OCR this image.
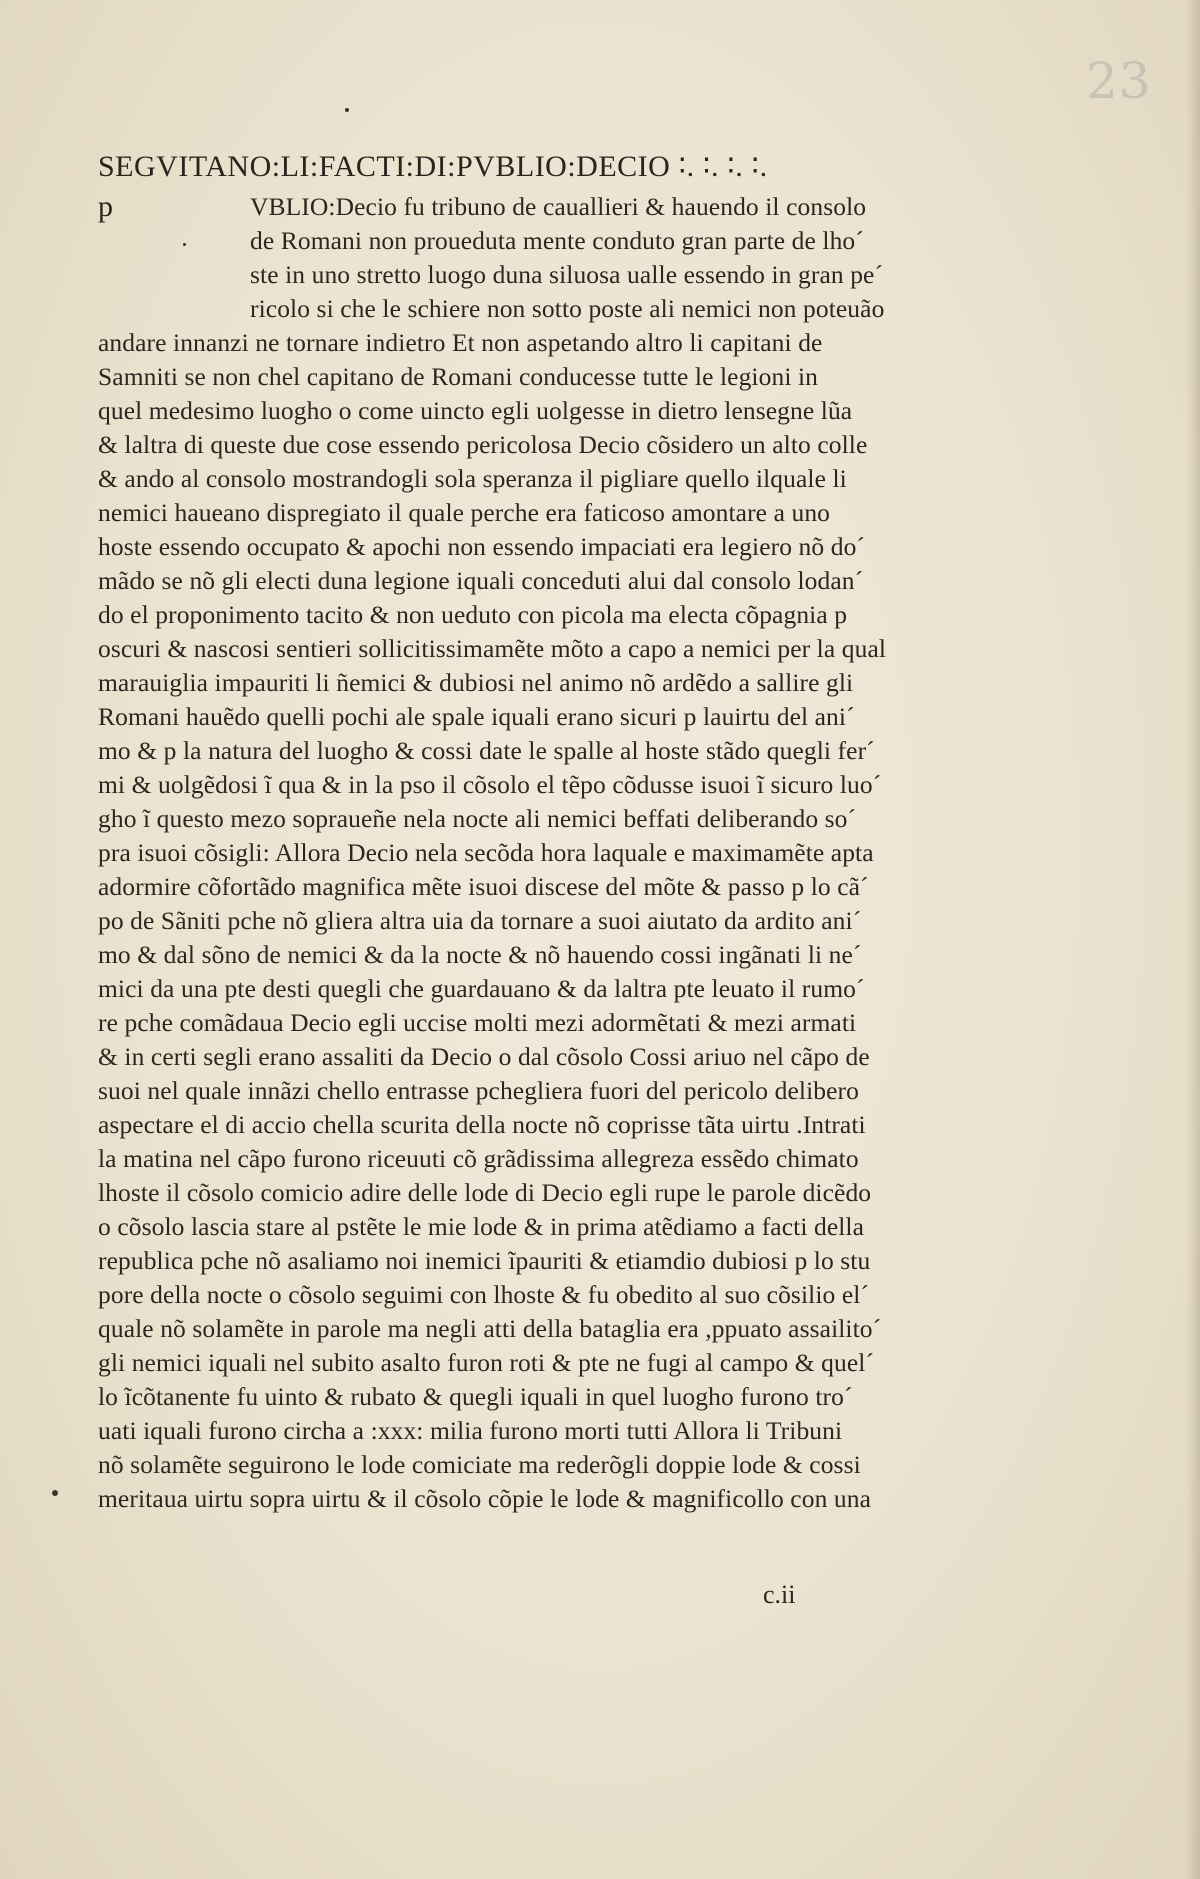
23
SEGVITANO:LI:FACTI:DI:PVBLIO:DECIO ∶. ∶. ∶. ∶.
p	VBLIO:Decio fu tribuno de cauallieri & hauendo il consolo
de Romani non proueduta mente conduto gran parte de lhoˊ
ste in uno stretto luogo duna siluosa ualle essendo in gran peˊ
ricolo si che le schiere non sotto poste ali nemici non poteuão
andare innanzi ne tornare indietro Et non aspetando altro li capitani de
Samniti se non chel capitano de Romani conducesse tutte le legioni in
quel medesimo luogho o come uincto egli uolgesse in dietro lensegne lũa
& laltra di queste due cose essendo pericolosa Decio cõsidero un alto colle
& ando al consolo mostrandogli sola speranza il pigliare quello ilquale li
nemici haueano dispregiato il quale perche era faticoso amontare a uno
hoste essendo occupato & apochi non essendo impaciati era legiero nõ doˊ
mãdo se nõ gli electi duna legione iquali conceduti alui dal consolo lodanˊ
do el proponimento tacito & non ueduto con picola ma electa cõpagnia p
oscuri & nascosi sentieri sollicitissimamẽte mõto a capo a nemici per la qual
marauiglia impauriti li ñemici & dubiosi nel animo nõ ardẽdo a sallire gli
Romani hauẽdo quelli pochi ale spale iquali erano sicuri p lauirtu del aniˊ
mo & p la natura del luogho & cossi date le spalle al hoste stãdo quegli ferˊ
mi & uolgẽdosi ĩ qua & in la pso il cõsolo el tẽpo cõdusse isuoi ĩ sicuro luoˊ
gho ĩ questo mezo sopraueñe nela nocte ali nemici beffati deliberando soˊ
pra isuoi cõsigli: Allora Decio nela secõda hora laquale e maximamẽte apta
adormire cõfortãdo magnifica mẽte isuoi discese del mõte & passo p lo cãˊ
po de Sãniti pche nõ gliera altra uia da tornare a suoi aiutato da ardito aniˊ
mo & dal sõno de nemici & da la nocte & nõ hauendo cossi ingãnati li neˊ
mici da una pte desti quegli che guardauano & da laltra pte leuato il rumoˊ
re pche comãdaua Decio egli uccise molti mezi adormẽtati & mezi armati
& in certi segli erano assaliti da Decio o dal cõsolo Cossi ariuo nel cãpo de
suoi nel quale innãzi chello entrasse pchegliera fuori del pericolo delibero
aspectare el di accio chella scurita della nocte nõ coprisse tãta uirtu .Intrati
la matina nel cãpo furono riceuuti cõ grãdissima allegreza essẽdo chimato
lhoste il cõsolo comicio adire delle lode di Decio egli rupe le parole dicẽdo
o cõsolo lascia stare al pstẽte le mie lode & in prima atẽdiamo a facti della
republica pche nõ asaliamo noi inemici ĩpauriti & etiamdio dubiosi p lo stu
pore della nocte o cõsolo seguimi con lhoste & fu obedito al suo cõsilio elˊ
quale nõ solamẽte in parole ma negli atti della bataglia era ,ppuato assailitoˊ
gli nemici iquali nel subito asalto furon roti & pte ne fugi al campo & quelˊ
lo ĩcõtanente fu uinto & rubato & quegli iquali in quel luogho furono troˊ
uati iquali furono circha a :xxx: milia furono morti tutti Allora li Tribuni
nõ solamẽte seguirono le lode comiciate ma rederõgli doppie lode & cossi
meritaua uirtu sopra uirtu & il cõsolo cõpie le lode & magnificollo con una
c.ii
